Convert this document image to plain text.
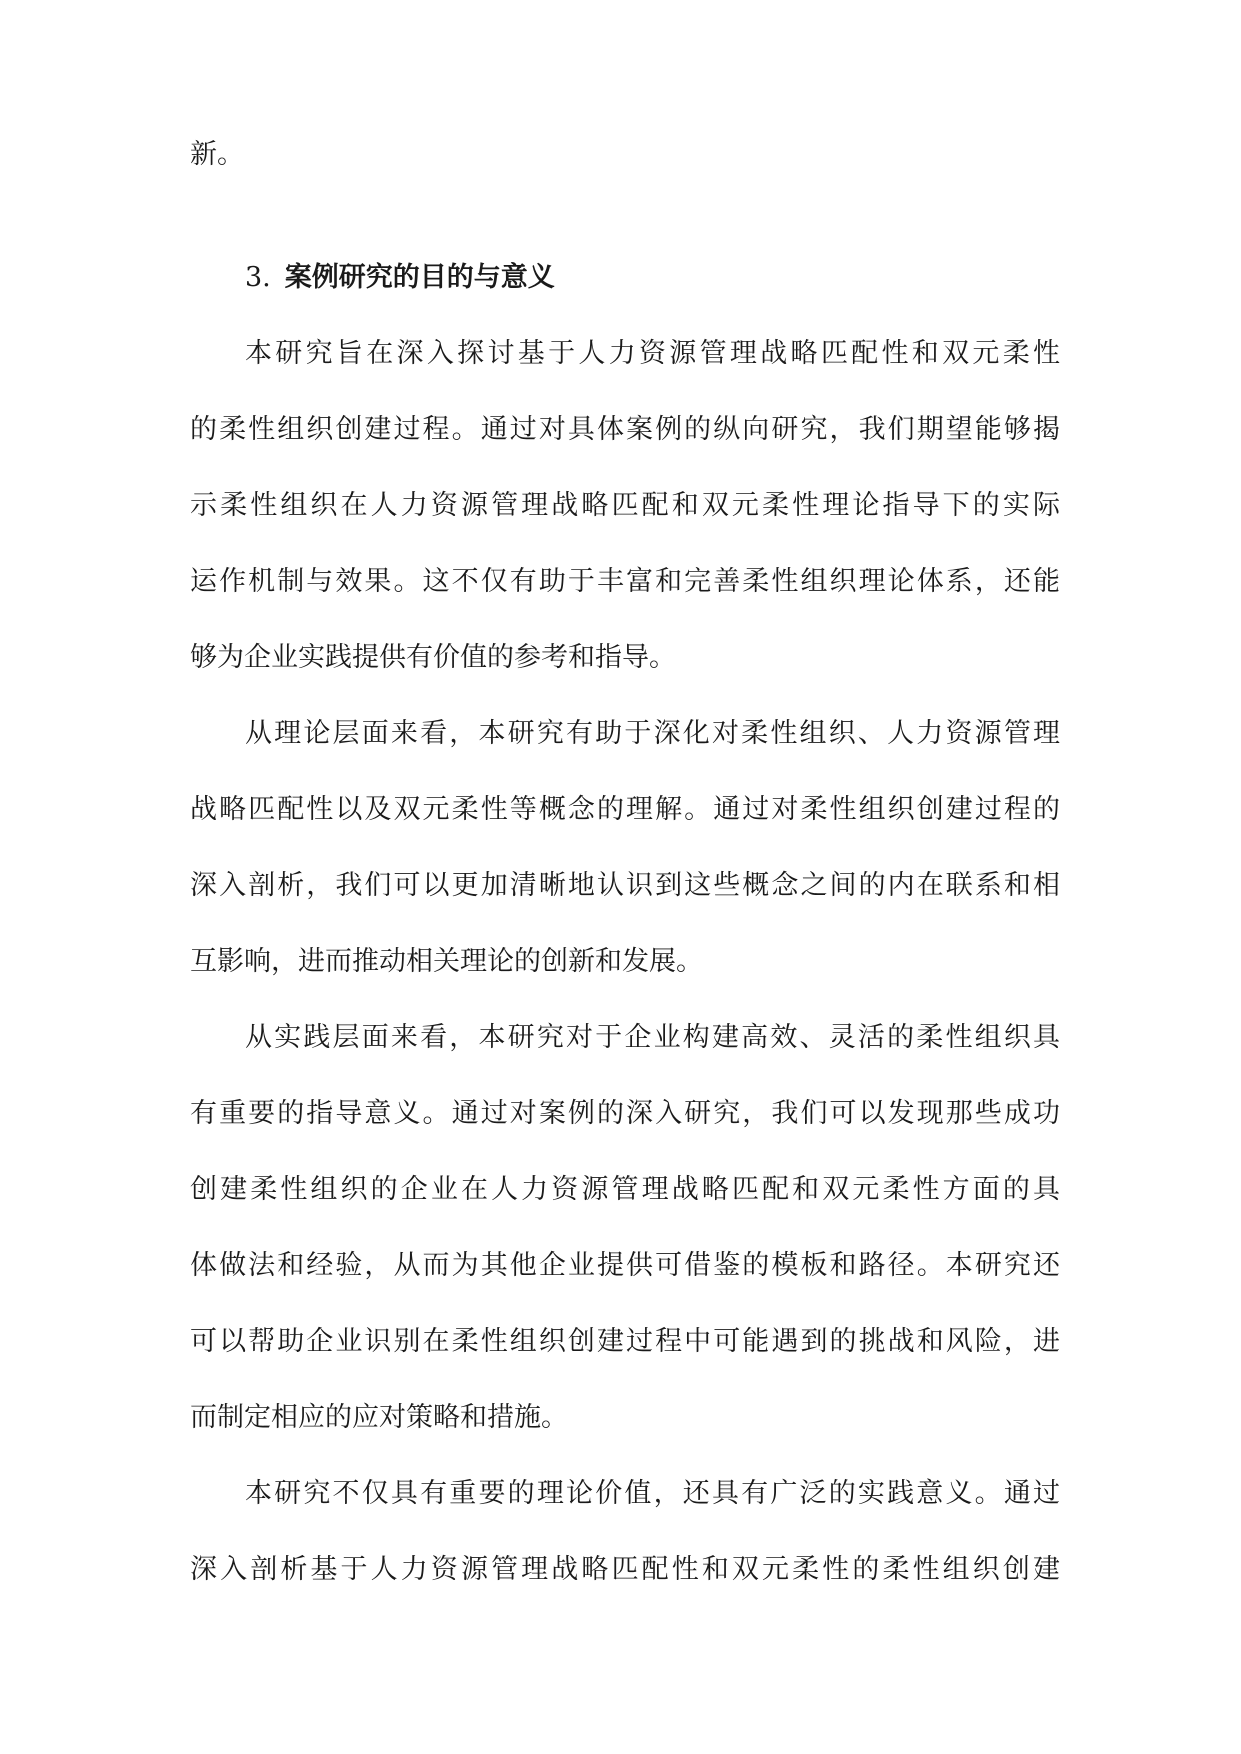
新。
3. 案例研究的目的与意义
本研究旨在深入探讨基于人力资源管理战略匹配性和双元柔性
的柔性组织创建过程。通过对具体案例的纵向研究，我们期望能够揭
示柔性组织在人力资源管理战略匹配和双元柔性理论指导下的实际
运作机制与效果。这不仅有助于丰富和完善柔性组织理论体系，还能
够为企业实践提供有价值的参考和指导。
从理论层面来看，本研究有助于深化对柔性组织、人力资源管理
战略匹配性以及双元柔性等概念的理解。通过对柔性组织创建过程的
深入剖析，我们可以更加清晰地认识到这些概念之间的内在联系和相
互影响，进而推动相关理论的创新和发展。
从实践层面来看，本研究对于企业构建高效、灵活的柔性组织具
有重要的指导意义。通过对案例的深入研究，我们可以发现那些成功
创建柔性组织的企业在人力资源管理战略匹配和双元柔性方面的具
体做法和经验，从而为其他企业提供可借鉴的模板和路径。本研究还
可以帮助企业识别在柔性组织创建过程中可能遇到的挑战和风险，进
而制定相应的应对策略和措施。
本研究不仅具有重要的理论价值，还具有广泛的实践意义。通过
深入剖析基于人力资源管理战略匹配性和双元柔性的柔性组织创建
